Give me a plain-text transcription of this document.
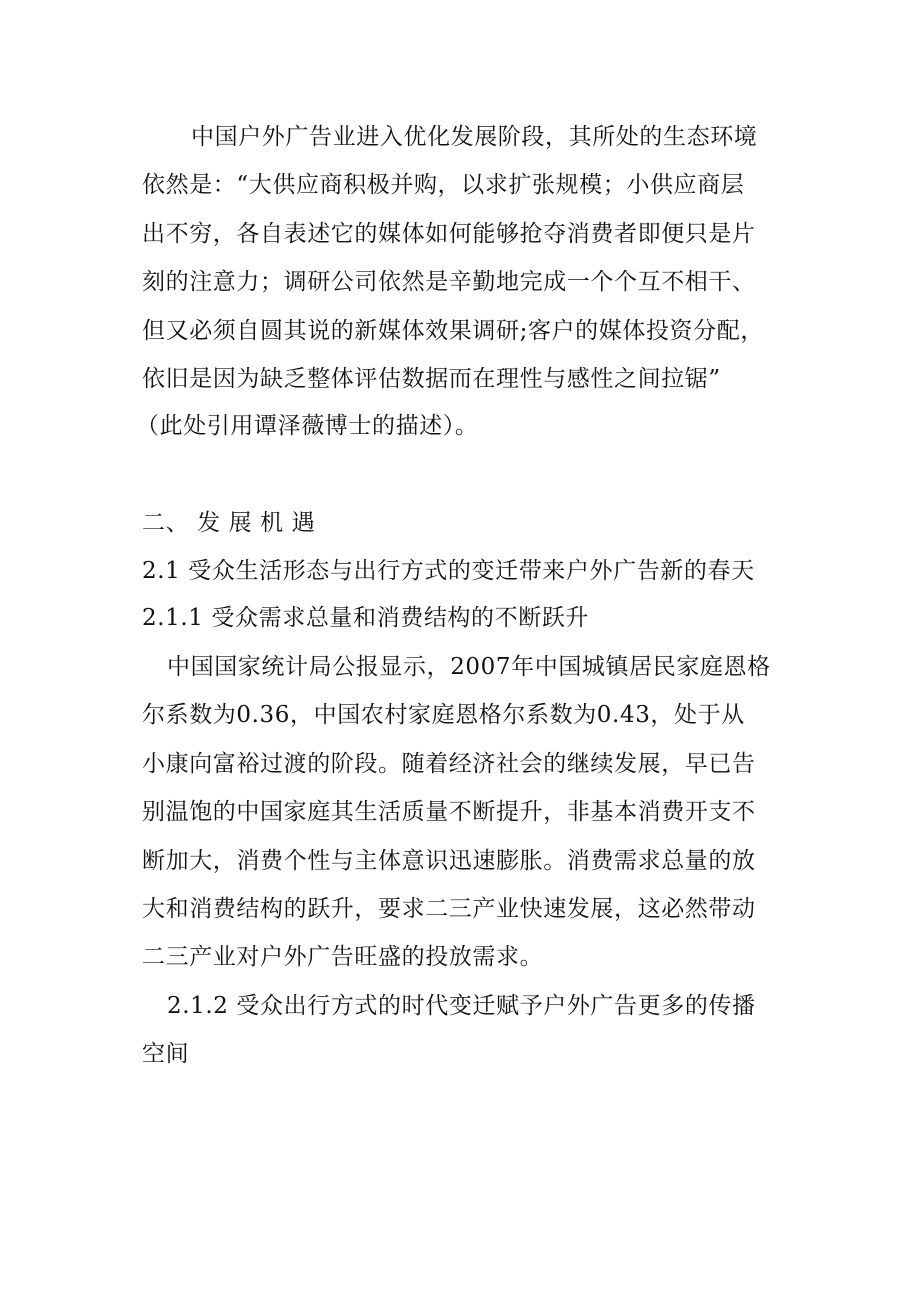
中国户外广告业进入优化发展阶段，其所处的生态环境
依然是：“大供应商积极并购，以求扩张规模；小供应商层
出不穷，各自表述它的媒体如何能够抢夺消费者即便只是片
刻的注意力；调研公司依然是辛勤地完成一个个互不相干、
但又必须自圆其说的新媒体效果调研;客户的媒体投资分配，
依旧是因为缺乏整体评估数据而在理性与感性之间拉锯”
（此处引用谭泽薇博士的描述）。
二、 发 展 机 遇
2.1 受众生活形态与出行方式的变迁带来户外广告新的春天
2.1.1 受众需求总量和消费结构的不断跃升
中国国家统计局公报显示，2007年中国城镇居民家庭恩格
尔系数为0.36，中国农村家庭恩格尔系数为0.43，处于从
小康向富裕过渡的阶段。随着经济社会的继续发展，早已告
别温饱的中国家庭其生活质量不断提升，非基本消费开支不
断加大，消费个性与主体意识迅速膨胀。消费需求总量的放
大和消费结构的跃升，要求二三产业快速发展，这必然带动
二三产业对户外广告旺盛的投放需求。
2.1.2 受众出行方式的时代变迁赋予户外广告更多的传播
空间
